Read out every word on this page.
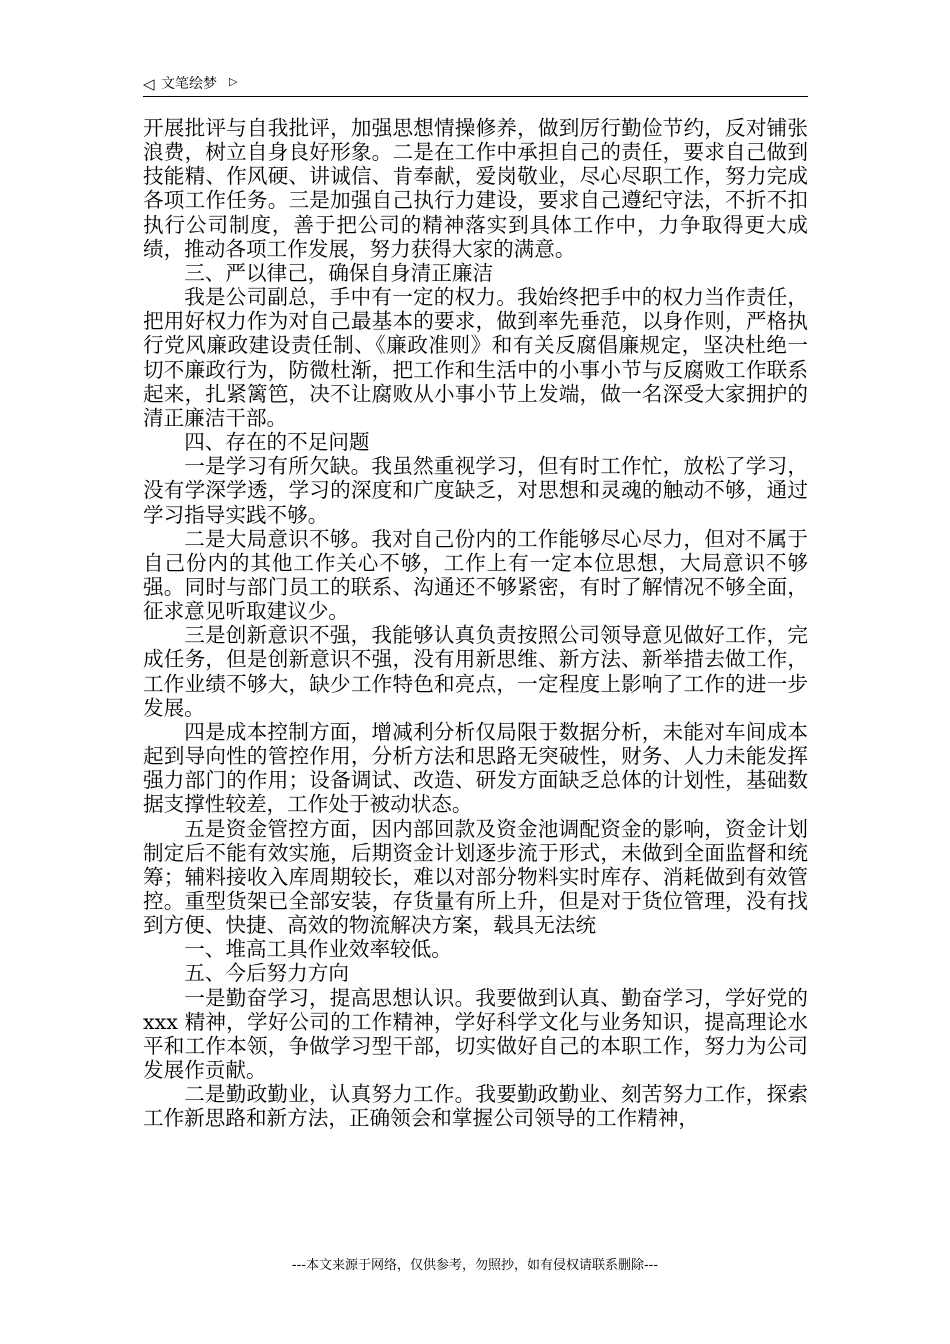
◁ 文笔绘梦 ▷

开展批评与自我批评，加强思想情操修养，做到厉行勤俭节约，反对铺张浪费，树立自身良好形象。二是在工作中承担自己的责任，要求自己做到技能精、作风硬、讲诚信、肯奉献，爱岗敬业，尽心尽职工作，努力完成各项工作任务。三是加强自己执行力建设，要求自己遵纪守法，不折不扣执行公司制度，善于把公司的精神落实到具体工作中，力争取得更大成绩，推动各项工作发展，努力获得大家的满意。

三、严以律己，确保自身清正廉洁

我是公司副总，手中有一定的权力。我始终把手中的权力当作责任，把用好权力作为对自己最基本的要求，做到率先垂范，以身作则，严格执行党风廉政建设责任制、《廉政准则》和有关反腐倡廉规定，坚决杜绝一切不廉政行为，防微杜渐，把工作和生活中的小事小节与反腐败工作联系起来，扎紧篱笆，决不让腐败从小事小节上发端，做一名深受大家拥护的清正廉洁干部。

四、存在的不足问题

一是学习有所欠缺。我虽然重视学习，但有时工作忙，放松了学习，没有学深学透，学习的深度和广度缺乏，对思想和灵魂的触动不够，通过学习指导实践不够。

二是大局意识不够。我对自己份内的工作能够尽心尽力，但对不属于自己份内的其他工作关心不够，工作上有一定本位思想，大局意识不够强。同时与部门员工的联系、沟通还不够紧密，有时了解情况不够全面，征求意见听取建议少。

三是创新意识不强，我能够认真负责按照公司领导意见做好工作，完成任务，但是创新意识不强，没有用新思维、新方法、新举措去做工作，工作业绩不够大，缺少工作特色和亮点，一定程度上影响了工作的进一步发展。

四是成本控制方面，增减利分析仅局限于数据分析，未能对车间成本起到导向性的管控作用，分析方法和思路无突破性，财务、人力未能发挥强力部门的作用；设备调试、改造、研发方面缺乏总体的计划性，基础数据支撑性较差，工作处于被动状态。

五是资金管控方面，因内部回款及资金池调配资金的影响，资金计划制定后不能有效实施，后期资金计划逐步流于形式，未做到全面监督和统筹；辅料接收入库周期较长，难以对部分物料实时库存、消耗做到有效管控。重型货架已全部安装，存货量有所上升，但是对于货位管理，没有找到方便、快捷、高效的物流解决方案，载具无法统

一、堆高工具作业效率较低。

五、今后努力方向

一是勤奋学习，提高思想认识。我要做到认真、勤奋学习，学好党的 xxx 精神，学好公司的工作精神，学好科学文化与业务知识，提高理论水平和工作本领，争做学习型干部，切实做好自己的本职工作，努力为公司发展作贡献。

二是勤政勤业，认真努力工作。我要勤政勤业、刻苦努力工作，探索工作新思路和新方法，正确领会和掌握公司领导的工作精神，

---本文来源于网络，仅供参考，勿照抄，如有侵权请联系删除---
